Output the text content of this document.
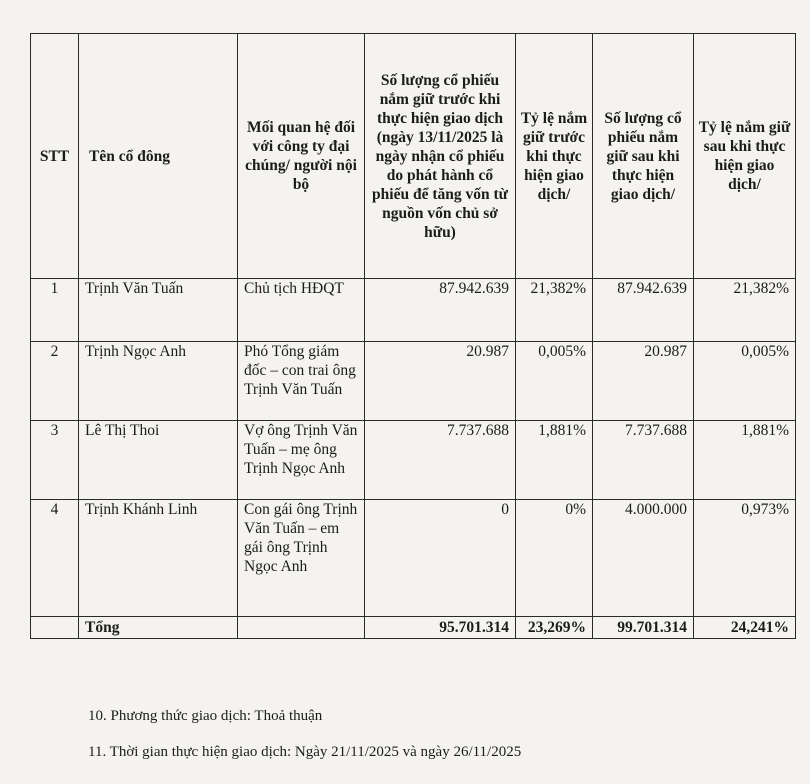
STT	Tên cổ đông	Mối quan hệ đối với công ty đại chúng/ người nội bộ	Số lượng cổ phiếu nắm giữ trước khi thực hiện giao dịch (ngày 13/11/2025 là ngày nhận cổ phiếu do phát hành cổ phiếu để tăng vốn từ nguồn vốn chủ sở hữu)	Tỷ lệ nắm giữ trước khi thực hiện giao dịch/	Số lượng cổ phiếu nắm giữ sau khi thực hiện giao dịch/	Tỷ lệ nắm giữ sau khi thực hiện giao dịch/
1	Trịnh Văn Tuấn	Chủ tịch HĐQT	87.942.639	21,382%	87.942.639	21,382%
2	Trịnh Ngọc Anh	Phó Tổng giám đốc – con trai ông Trịnh Văn Tuấn	20.987	0,005%	20.987	0,005%
3	Lê Thị Thoi	Vợ ông Trịnh Văn Tuấn – mẹ ông Trịnh Ngọc Anh	7.737.688	1,881%	7.737.688	1,881%
4	Trịnh Khánh Linh	Con gái ông Trịnh Văn Tuấn – em gái ông Trịnh Ngọc Anh	0	0%	4.000.000	0,973%
	Tổng		95.701.314	23,269%	99.701.314	24,241%
10. Phương thức giao dịch: Thoả thuận
11. Thời gian thực hiện giao dịch: Ngày 21/11/2025 và ngày 26/11/2025
